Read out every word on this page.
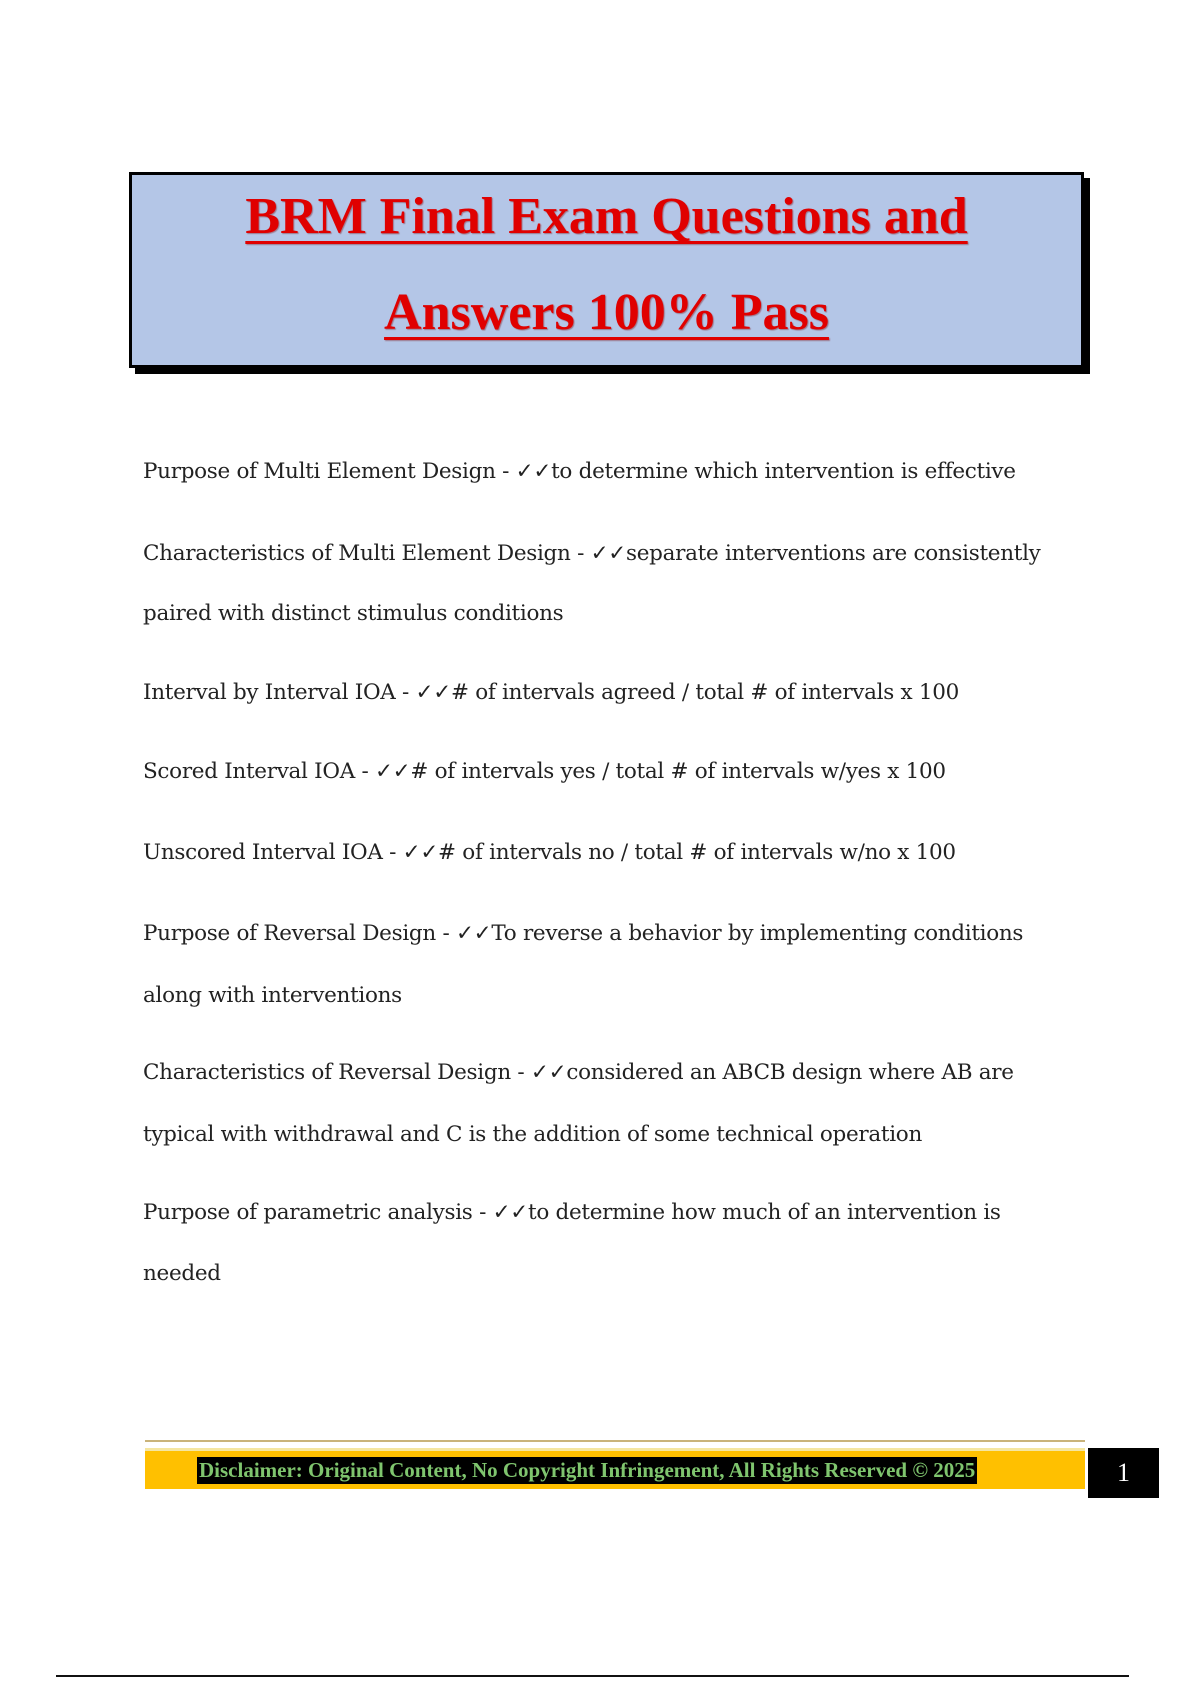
BRM Final Exam Questions and
Answers 100% Pass
Purpose of Multi Element Design - ✓✓to determine which intervention is effective
Characteristics of Multi Element Design - ✓✓separate interventions are consistently
paired with distinct stimulus conditions
Interval by Interval IOA - ✓✓# of intervals agreed / total # of intervals x 100
Scored Interval IOA - ✓✓# of intervals yes / total # of intervals w/yes x 100
Unscored Interval IOA - ✓✓# of intervals no / total # of intervals w/no x 100
Purpose of Reversal Design - ✓✓To reverse a behavior by implementing conditions
along with interventions
Characteristics of Reversal Design - ✓✓considered an ABCB design where AB are
typical with withdrawal and C is the addition of some technical operation
Purpose of parametric analysis - ✓✓to determine how much of an intervention is
needed
Disclaimer: Original Content, No Copyright Infringement, All Rights Reserved © 2025	1
